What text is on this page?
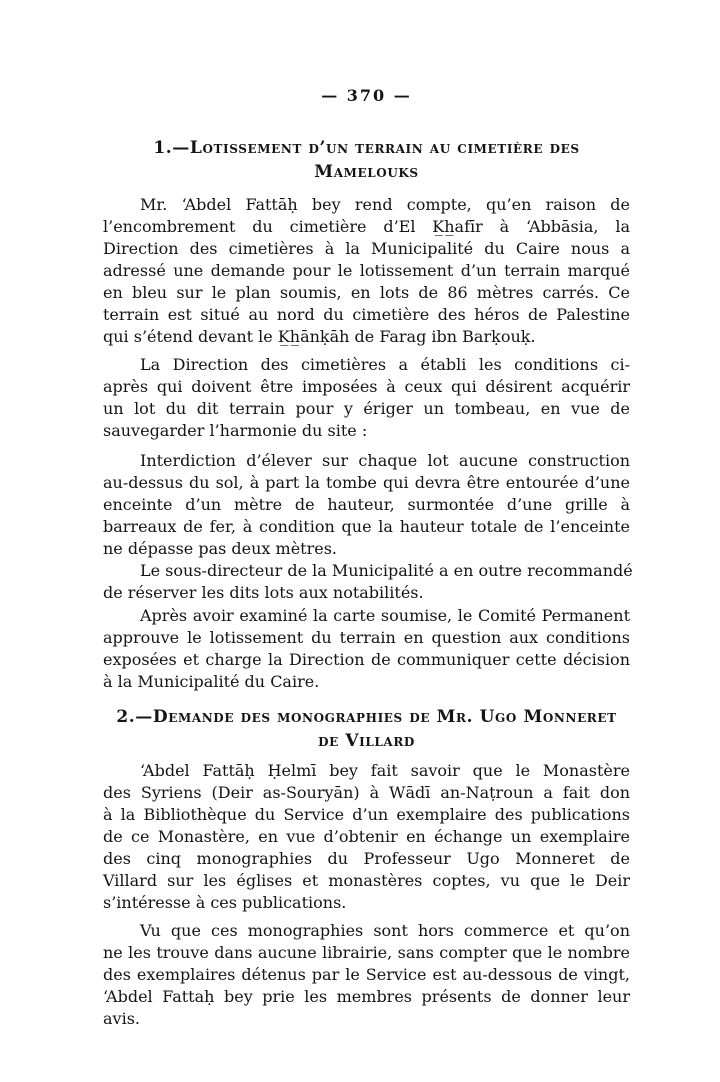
— 370 —
1.—Lotissement d’un terrain au cimetière des
Mamelouks
Mr. ‘Abdel Fattāḥ bey rend compte, qu’en raison de
l’encombrement du cimetière d’El K̲h̲afīr à ‘Abbāsia, la
Direction des cimetières à la Municipalité du Caire nous a
adressé une demande pour le lotissement d’un terrain marqué
en bleu sur le plan soumis, en lots de 86 mètres carrés. Ce
terrain est situé au nord du cimetière des héros de Palestine
qui s’étend devant le K̲h̲ānḳāh de Farag ibn Barḳouḳ.
La Direction des cimetières a établi les conditions ci-
après qui doivent être imposées à ceux qui désirent acquérir
un lot du dit terrain pour y ériger un tombeau, en vue de
sauvegarder l’harmonie du site :
Interdiction d’élever sur chaque lot aucune construction
au-dessus du sol, à part la tombe qui devra être entourée d’une
enceinte d’un mètre de hauteur, surmontée d’une grille à
barreaux de fer, à condition que la hauteur totale de l’enceinte
ne dépasse pas deux mètres.
Le sous-directeur de la Municipalité a en outre recommandé
de réserver les dits lots aux notabilités.
Après avoir examiné la carte soumise, le Comité Permanent
approuve le lotissement du terrain en question aux conditions
exposées et charge la Direction de communiquer cette décision
à la Municipalité du Caire.
2.—Demande des monographies de Mr. Ugo Monneret
de Villard
‘Abdel Fattāḥ Ḥelmī bey fait savoir que le Monastère
des Syriens (Deir as-Souryān) à Wādī an-Naṭroun a fait don
à la Bibliothèque du Service d’un exemplaire des publications
de ce Monastère, en vue d’obtenir en échange un exemplaire
des cinq monographies du Professeur Ugo Monneret de
Villard sur les églises et monastères coptes, vu que le Deir
s’intéresse à ces publications.
Vu que ces monographies sont hors commerce et qu’on
ne les trouve dans aucune librairie, sans compter que le nombre
des exemplaires détenus par le Service est au-dessous de vingt,
‘Abdel Fattaḥ bey prie les membres présents de donner leur
avis.
